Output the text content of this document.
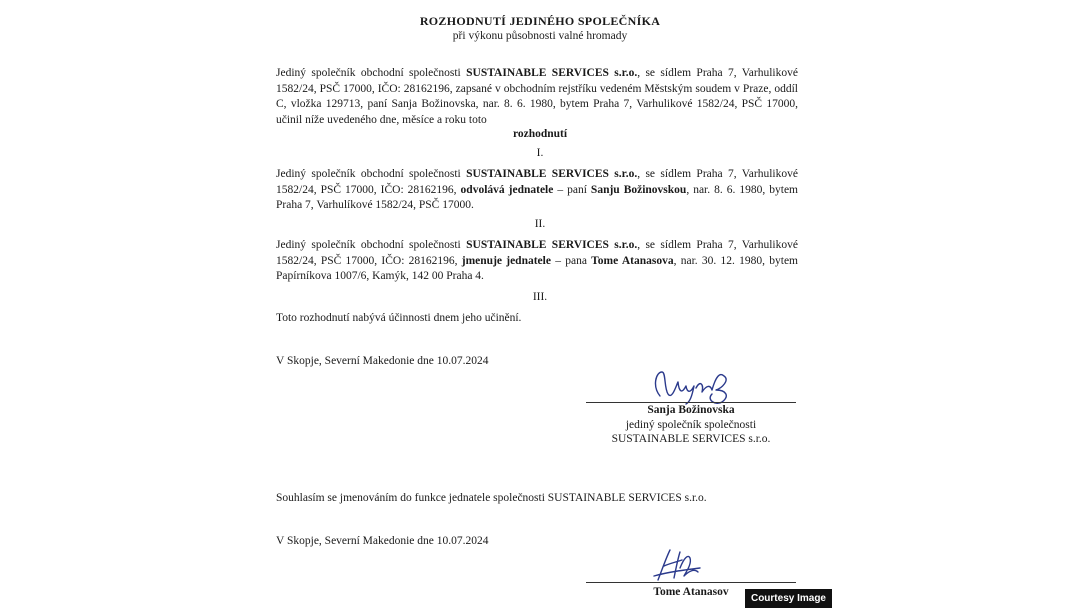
ROZHODNUTÍ JEDINÉHO SPOLEČNÍKA
při výkonu působnosti valné hromady
Jediný společník obchodní společnosti SUSTAINABLE SERVICES s.r.o., se sídlem Praha 7, Varhulikové 1582/24, PSČ 17000, IČO: 28162196, zapsané v obchodním rejstříku vedeném Městským soudem v Praze, oddíl C, vložka 129713, paní Sanja Božinovska, nar. 8. 6. 1980, bytem Praha 7, Varhulikové 1582/24, PSČ 17000, učinil níže uvedeného dne, měsíce a roku toto
rozhodnutí
I.
Jediný společník obchodní společnosti SUSTAINABLE SERVICES s.r.o., se sídlem Praha 7, Varhulikové 1582/24, PSČ 17000, IČO: 28162196, odvolává jednatele – paní Sanju Božinovskou, nar. 8. 6. 1980, bytem Praha 7, Varhulíkové 1582/24, PSČ 17000.
II.
Jediný společník obchodní společnosti SUSTAINABLE SERVICES s.r.o., se sídlem Praha 7, Varhulikové 1582/24, PSČ 17000, IČO: 28162196, jmenuje jednatele – pana Tome Atanasova, nar. 30. 12. 1980, bytem Papírníkova 1007/6, Kamýk, 142 00 Praha 4.
III.
Toto rozhodnutí nabývá účinnosti dnem jeho učinění.
V Skopje, Severní Makedonie dne 10.07.2024
Sanja Božinovska
jediný společník společnosti
SUSTAINABLE SERVICES s.r.o.
Souhlasím se jmenováním do funkce jednatele společnosti SUSTAINABLE SERVICES s.r.o.
V Skopje, Severní Makedonie dne 10.07.2024
Tome Atanasov
Courtesy Image
